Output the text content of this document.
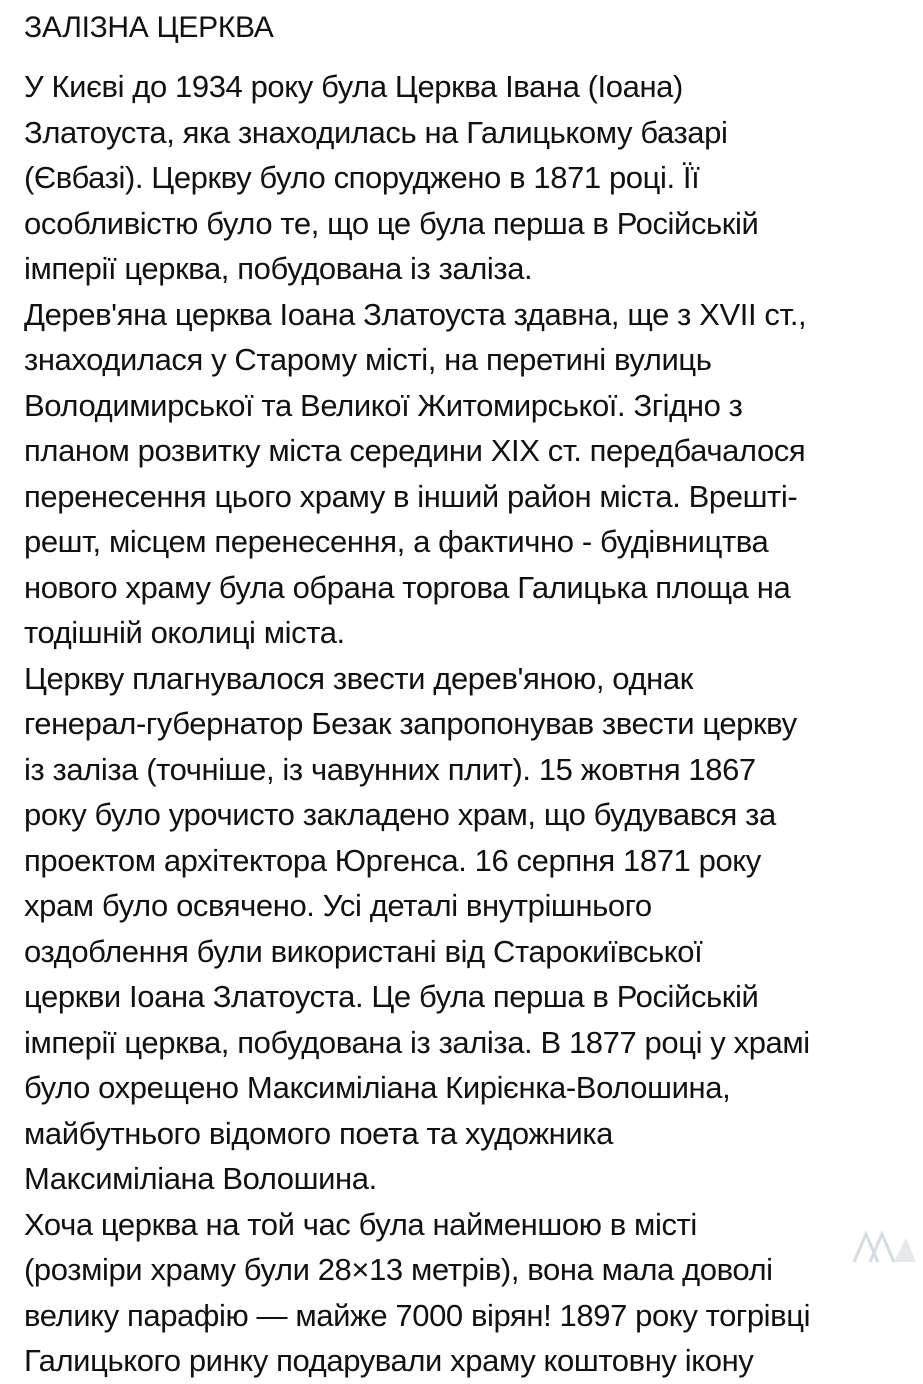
ЗАЛІЗНА ЦЕРКВА
У Києві до 1934 року була Церква Івана (Іоана)
Златоуста, яка знаходилась на Галицькому базарі
(Євбазі). Церкву було споруджено в 1871 році. Її
особливістю було те, що це була перша в Російській
імперії церква, побудована із заліза.
Дерев'яна церква Іоана Златоуста здавна, ще з XVII ст.,
знаходилася у Старому місті, на перетині вулиць
Володимирської та Великої Житомирської. Згідно з
планом розвитку міста середини XIX ст. передбачалося
перенесення цього храму в інший район міста. Врешті-
решт, місцем перенесення, а фактично - будівництва
нового храму була обрана торгова Галицька площа на
тодішній околиці міста.
Церкву плагнувалося звести дерев'яною, однак
генерал-губернатор Безак запропонував звести церкву
із заліза (точніше, із чавунних плит). 15 жовтня 1867
року було урочисто закладено храм, що будувався за
проектом архітектора Юргенса. 16 серпня 1871 року
храм було освячено. Усі деталі внутрішнього
оздоблення були використані від Старокиївської
церкви Іоана Златоуста. Це була перша в Російській
імперії церква, побудована із заліза. В 1877 році у храмі
було охрещено Максиміліана Кирієнка-Волошина,
майбутнього відомого поета та художника
Максиміліана Волошина.
Хоча церква на той час була найменшою в місті
(розміри храму були 28×13 метрів), вона мала доволі
велику парафію — майже 7000 вірян! 1897 року тогрівці
Галицького ринку подарували храму коштовну ікону
